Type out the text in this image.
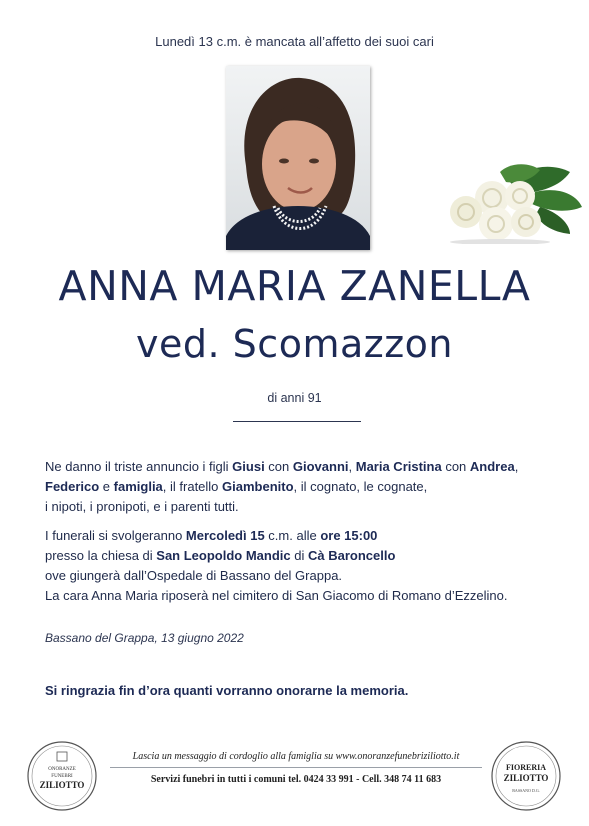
Lunedì 13 c.m. è mancata all’affetto dei suoi cari
ANNA MARIA ZANELLA
ved. Scomazzon
di anni 91
Ne danno il triste annuncio i figli Giusi con Giovanni, Maria Cristina con Andrea,
Federico e famiglia, il fratello Giambenito, il cognato, le cognate,
i nipoti, i pronipoti, e i parenti tutti.
I funerali si svolgeranno Mercoledì 15 c.m. alle ore 15:00
presso la chiesa di San Leopoldo Mandic di Cà Baroncello
ove giungerà dall’Ospedale di Bassano del Grappa.
La cara Anna Maria riposerà nel cimitero di San Giacomo di Romano d’Ezzelino.
Bassano del Grappa, 13 giugno 2022
Si ringrazia fin d’ora quanti vorranno onorarne la memoria.
ONORANZE
FUNEBRI
ZILIOTTO
Lascia un messaggio di cordoglio alla famiglia su www.onoranzefunebriziliotto.it
Servizi funebri in tutti i comuni tel. 0424 33 991 - Cell. 348 74 11 683
FIORERIA
ZILIOTTO
BASSANO D.G.
